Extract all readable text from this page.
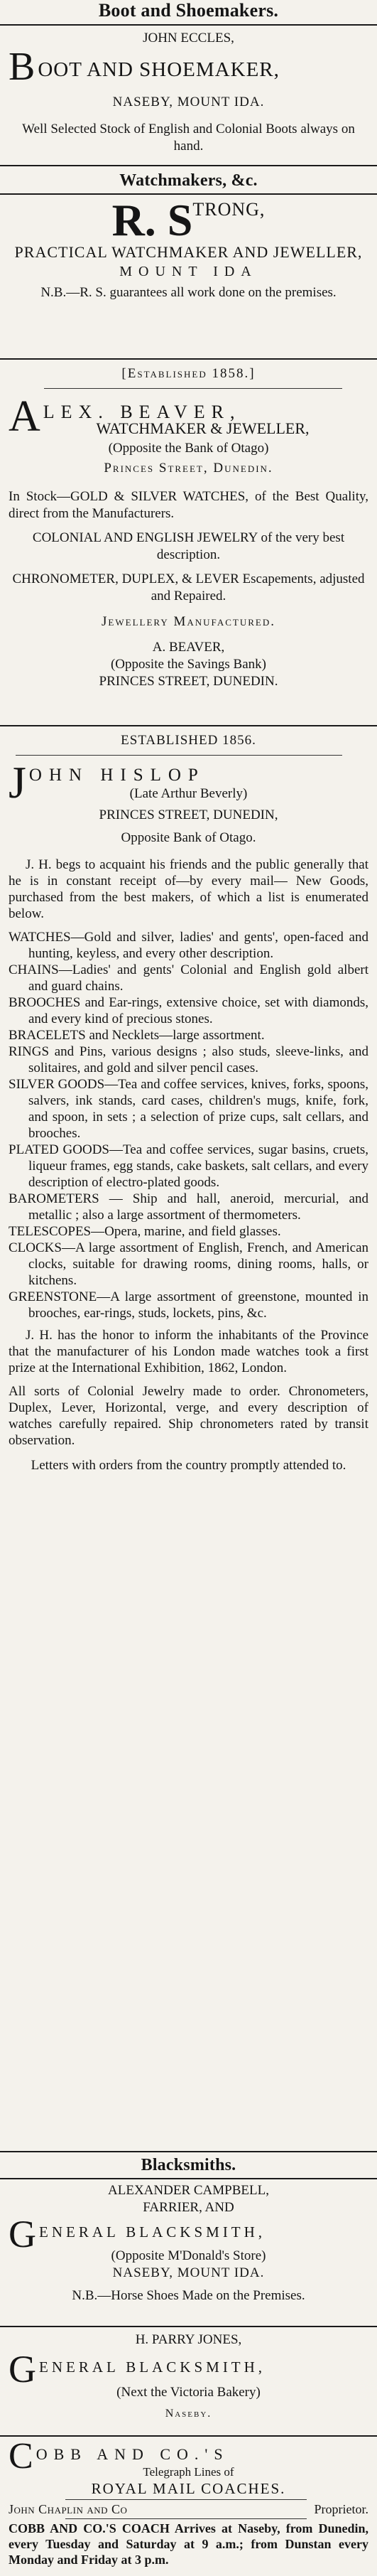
Boot and Shoemakers.

JOHN ECCLES,

B OOT AND SHOEMAKER,

NASEBY, MOUNT IDA.

Well Selected Stock of English and Colonial Boots always on hand.

Watchmakers, &c.
R. STRONG,

PRACTICAL WATCHMAKER AND JEWELLER,

MOUNT IDA

N.B.—R. S. guarantees all work done on the premises.

[Established 1858.]

A LEX. BEAVER,

WATCHMAKER & JEWELLER,

(Opposite the Bank of Otago)

Princes Street, Dunedin.

In Stock—GOLD & SILVER WATCHES, of the Best Quality, direct from the Manufacturers.

COLONIAL AND ENGLISH JEWELRY of the very best description.

CHRONOMETER, DUPLEX, & LEVER Escapements, adjusted and Repaired.

Jewellery Manufactured.

A. BEAVER,

(Opposite the Savings Bank)

PRINCES STREET, DUNEDIN.

ESTABLISHED 1856.

J OHN HISLOP

(Late Arthur Beverly)

PRINCES STREET, DUNEDIN,

Opposite Bank of Otago.

J. H. begs to acquaint his friends and the public generally that he is in constant receipt of—by every mail— New Goods, purchased from the best makers, of which a list is enumerated below.

WATCHES—Gold and silver, ladies' and gents', open-faced and hunting, keyless, and every other description.

CHAINS—Ladies' and gents' Colonial and English gold albert and guard chains.

BROOCHES and Ear-rings, extensive choice, set with diamonds, and every kind of precious stones.

BRACELETS and Necklets—large assortment.

RINGS and Pins, various designs ; also studs, sleeve-links, and solitaires, and gold and silver pencil cases.

SILVER GOODS—Tea and coffee services, knives, forks, spoons, salvers, ink stands, card cases, children's mugs, knife, fork, and spoon, in sets ; a selection of prize cups, salt cellars, and brooches.

PLATED GOODS—Tea and coffee services, sugar basins, cruets, liqueur frames, egg stands, cake baskets, salt cellars, and every description of electro-plated goods.

BAROMETERS — Ship and hall, aneroid, mercurial, and metallic ; also a large assortment of thermometers.

TELESCOPES—Opera, marine, and field glasses.

CLOCKS—A large assortment of English, French, and American clocks, suitable for drawing rooms, dining rooms, halls, or kitchens.

GREENSTONE—A large assortment of greenstone, mounted in brooches, ear-rings, studs, lockets, pins, &c.

J. H. has the honor to inform the inhabitants of the Province that the manufacturer of his London made watches took a first prize at the International Exhibition, 1862, London.

All sorts of Colonial Jewelry made to order. Chronometers, Duplex, Lever, Horizontal, verge, and every description of watches carefully repaired. Ship chronometers rated by transit observation.

Letters with orders from the country promptly attended to.

Blacksmiths.

ALEXANDER CAMPBELL,

FARRIER, AND

G ENERAL BLACKSMITH,

(Opposite M'Donald's Store)

NASEBY, MOUNT IDA.

N.B.—Horse Shoes Made on the Premises.

H. PARRY JONES,

G ENERAL BLACKSMITH,

(Next the Victoria Bakery)

Naseby.

C OBB AND CO.'S

Telegraph Lines of

ROYAL MAIL COACHES.

John Chaplin and Co	Proprietor.

COBB AND CO.'S COACH Arrives at Naseby, from Dunedin, every Tuesday and Saturday at 9 a.m.; from Dunstan every Monday and Friday at 3 p.m.
